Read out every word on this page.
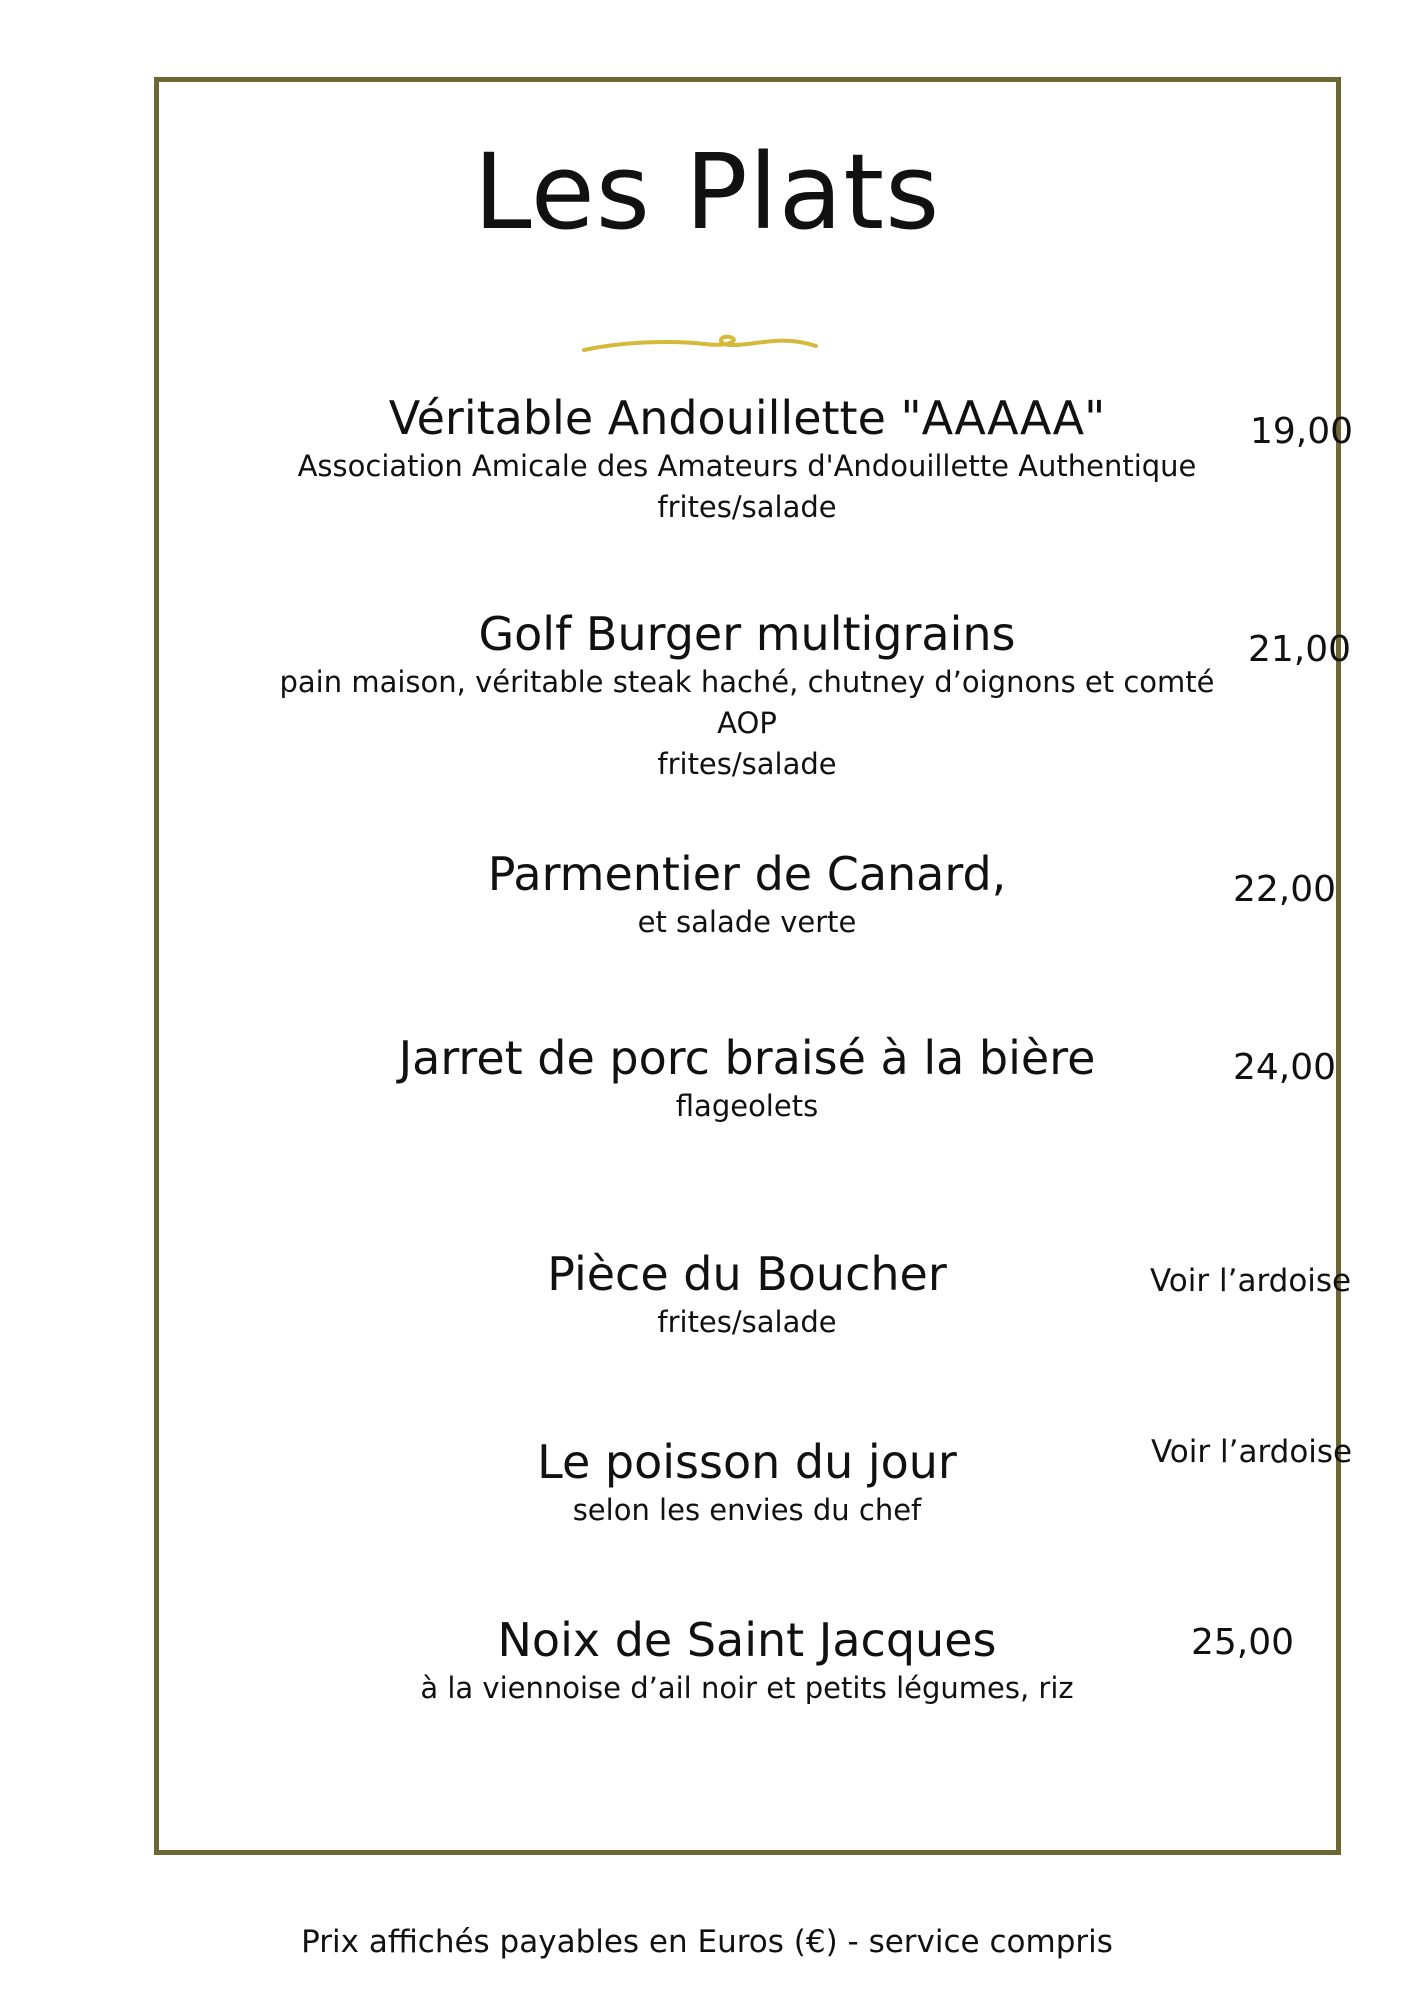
Les Plats
Véritable Andouillette "AAAAA"
Association Amicale des Amateurs d'Andouillette Authentique
frites/salade
19,00
Golf Burger multigrains
pain maison, véritable steak haché, chutney d’oignons et comté AOP
frites/salade
21,00
Parmentier de Canard,
et salade verte
22,00
Jarret de porc braisé à la bière
flageolets
24,00
Pièce du Boucher
frites/salade
Voir l’ardoise
Le poisson du jour
selon les envies du chef
Voir l’ardoise
Noix de Saint Jacques
à la viennoise d’ail noir et petits légumes, riz
25,00
Prix affichés payables en Euros (€) - service compris
